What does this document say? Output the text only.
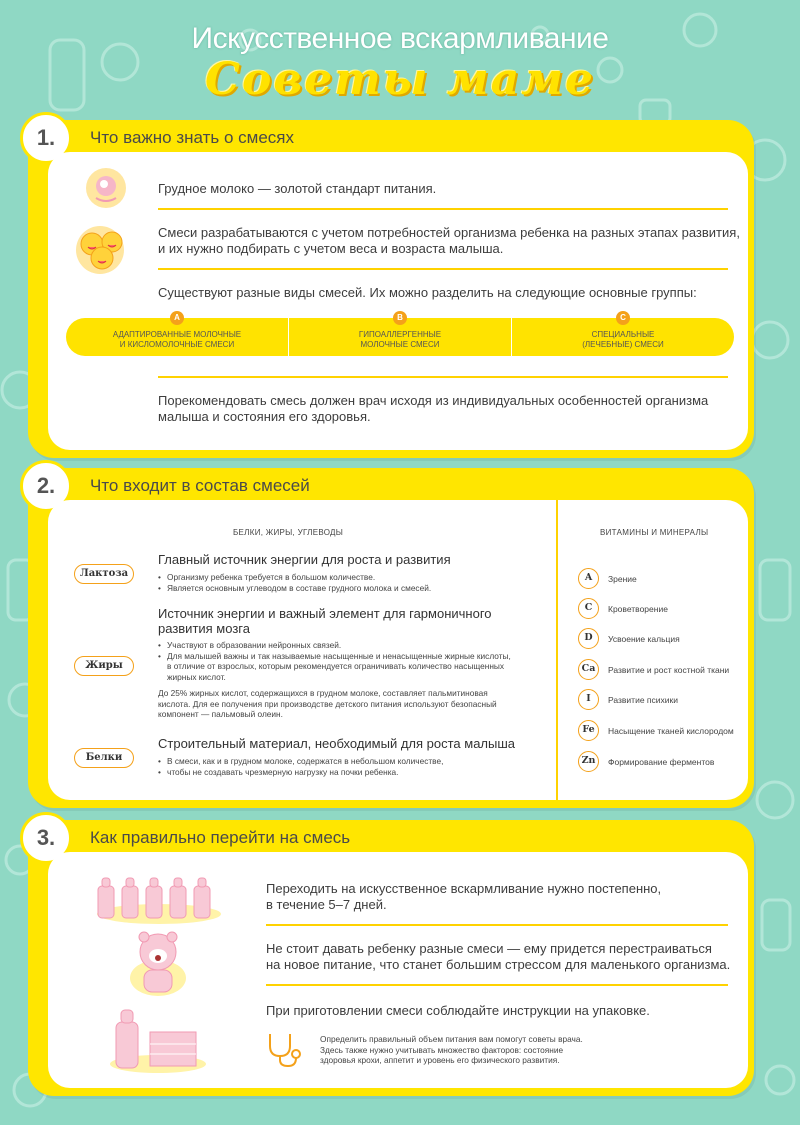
Искусственное вскармливание
Советы маме
1.	Что важно знать о смесях
Грудное молоко — золотой стандарт питания.
Смеси разрабатываются с учетом потребностей организма ребенка на разных этапах развития,
и их нужно подбирать с учетом веса и возраста малыша.
Существуют разные виды смесей. Их можно разделить на следующие основные группы:
А
АДАПТИРОВАННЫЕ МОЛОЧНЫЕ
И КИСЛОМОЛОЧНЫЕ СМЕСИ
В
ГИПОАЛЛЕРГЕННЫЕ
МОЛОЧНЫЕ СМЕСИ
С
СПЕЦИАЛЬНЫЕ
(ЛЕЧЕБНЫЕ) СМЕСИ
Порекомендовать смесь должен врач исходя из индивидуальных особенностей организма
малыша и состояния его здоровья.
2.	Что входит в состав смесей
БЕЛКИ, ЖИРЫ, УГЛЕВОДЫ	ВИТАМИНЫ И МИНЕРАЛЫ
Лактоза
Главный источник энергии для роста и развития
• Организму ребенка требуется в большом количестве.
• Является основным углеводом в составе грудного молока и смесей.
Жиры
Источник энергии и важный элемент для гармоничного
развития мозга
• Участвуют в образовании нейронных связей.
• Для малышей важны и так называемые насыщенные и ненасыщенные жирные кислоты,
в отличие от взрослых, которым рекомендуется ограничивать количество насыщенных
жирных кислот.
До 25% жирных кислот, содержащихся в грудном молоке, составляет пальмитиновая
кислота. Для ее получения при производстве детского питания используют безопасный
компонент — пальмовый олеин.
Белки
Строительный материал, необходимый для роста малыша
• В смеси, как и в грудном молоке, содержатся в небольшом количестве,
• чтобы не создавать чрезмерную нагрузку на почки ребенка.
A	Зрение
C	Кроветворение
D	Усвоение кальция
Ca	Развитие и рост костной ткани
I	Развитие психики
Fe	Насыщение тканей кислородом
Zn	Формирование ферментов
3.	Как правильно перейти на смесь
Переходить на искусственное вскармливание нужно постепенно,
в течение 5–7 дней.
Не стоит давать ребенку разные смеси — ему придется перестраиваться
на новое питание, что станет большим стрессом для маленького организма.
При приготовлении смеси соблюдайте инструкции на упаковке.
Определить правильный объем питания вам помогут советы врача.
Здесь также нужно учитывать множество факторов: состояние
здоровья крохи, аппетит и уровень его физического развития.
